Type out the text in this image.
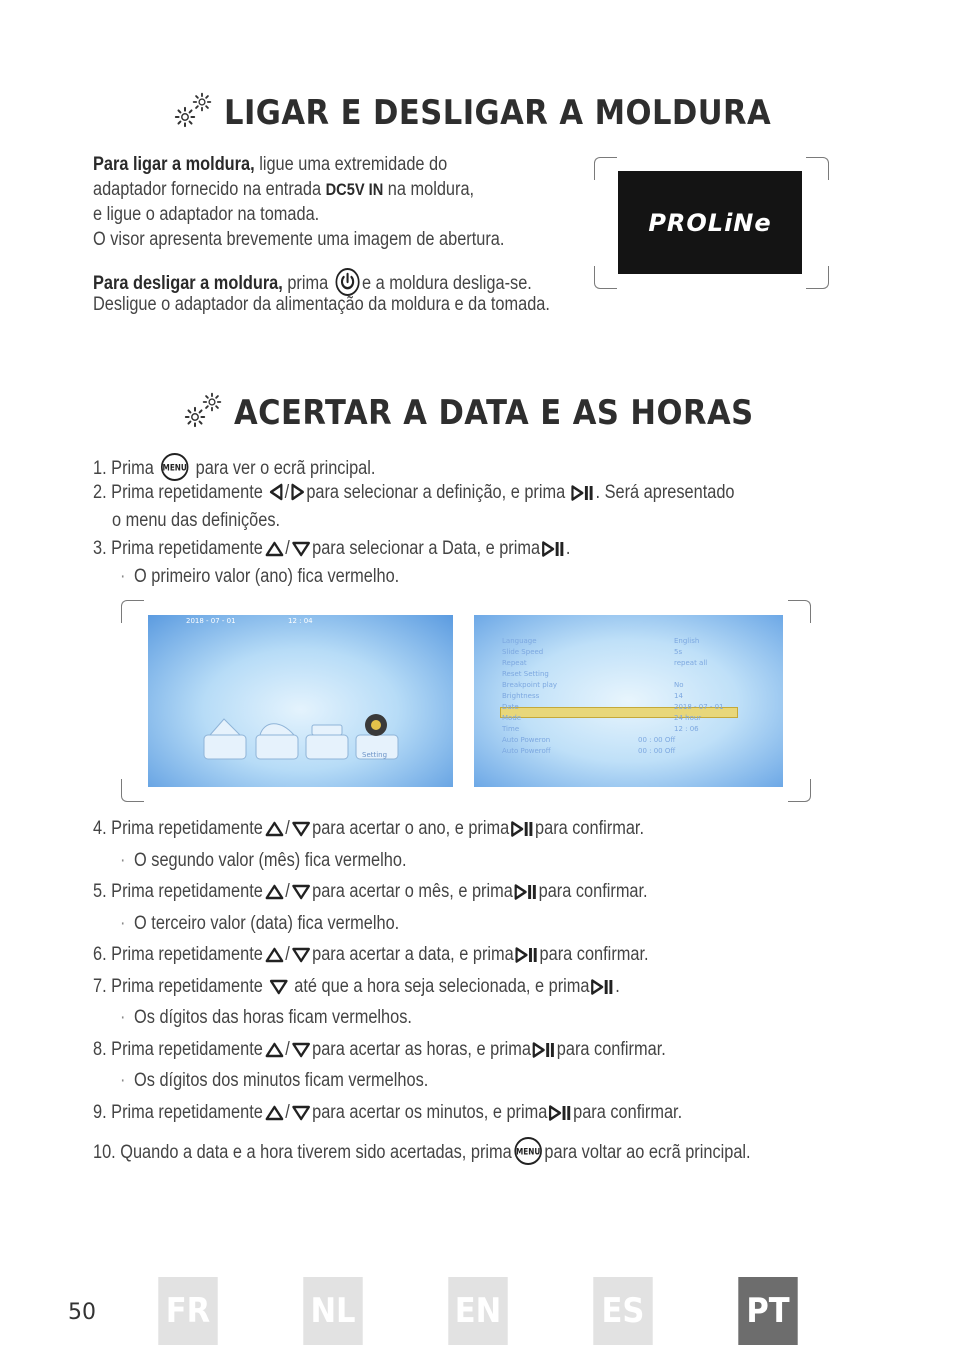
LIGAR E DESLIGAR A MOLDURA
Para ligar a moldura, ligue uma extremidade do
adaptador fornecido na entrada DC5V IN na moldura,
e ligue o adaptador na tomada.
O visor apresenta brevemente uma imagem de abertura.
Para desligar a moldura, prima e a moldura desliga-se.
Desligue o adaptador da alimentação da moldura e da tomada.
PROLiNe
ACERTAR A DATA E AS HORAS
1. Prima MENU para ver o ecrã principal.
2. Prima repetidamente / para selecionar a definição, e prima . Será apresentado
o menu das definições.
3. Prima repetidamente / para selecionar a Data, e prima .
· O primeiro valor (ano) fica vermelho.
2018 - 07 - 01	12 : 04
Setting
Language	English
Slide Speed	5s
Repeat	repeat all
Reset Setting
Breakpoint play	No
Brightness	14
Date	2018 - 07 - 01
Mode	24 hour
Time	12 : 06
Auto Poweron	00 : 00 Off
Auto Poweroff	00 : 00 Off
4. Prima repetidamente / para acertar o ano, e prima para confirmar.
· O segundo valor (mês) fica vermelho.
5. Prima repetidamente / para acertar o mês, e prima para confirmar.
· O terceiro valor (data) fica vermelho.
6. Prima repetidamente / para acertar a data, e prima para confirmar.
7. Prima repetidamente  até que a hora seja selecionada, e prima .
· Os dígitos das horas ficam vermelhos.
8. Prima repetidamente / para acertar as horas, e prima para confirmar.
· Os dígitos dos minutos ficam vermelhos.
9. Prima repetidamente / para acertar os minutos, e prima para confirmar.
10. Quando a data e a hora tiverem sido acertadas, prima MENU para voltar ao ecrã principal.
50 FR	NL	EN	ES	PT
